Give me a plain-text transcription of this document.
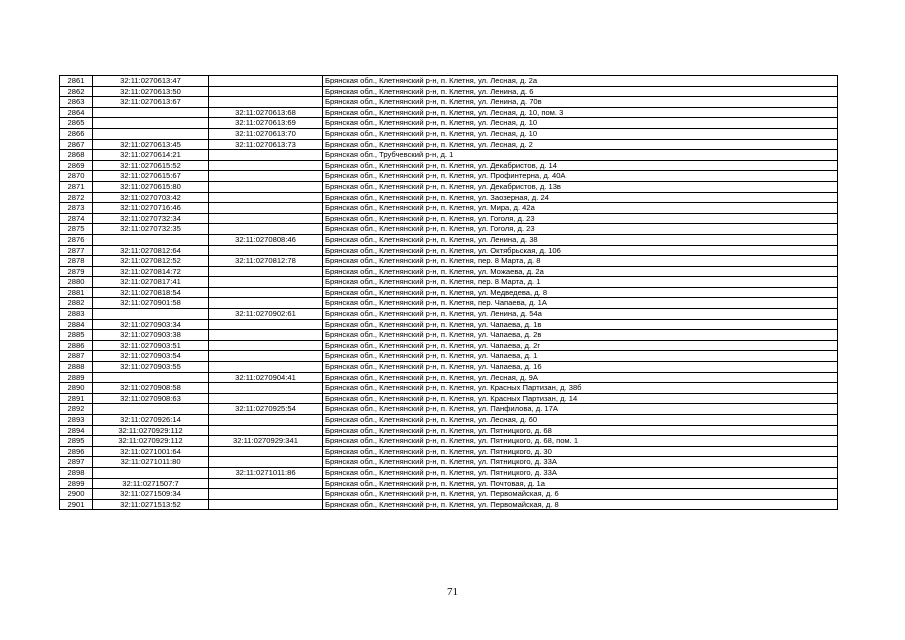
2861	32:11:0270613:47		Брянская обл., Клетнянский р-н, п. Клетня, ул. Лесная, д. 2а
2862	32:11:0270613:50		Брянская обл., Клетнянский р-н, п. Клетня, ул. Ленина, д. 6
2863	32:11:0270613:67		Брянская обл., Клетнянский р-н, п. Клетня, ул. Ленина, д. 70в
2864		32:11:0270613:68	Брянская обл., Клетнянский р-н, п. Клетня, ул. Лесная, д. 10, пом. 3
2865		32:11:0270613:69	Брянская обл., Клетнянский р-н, п. Клетня, ул. Лесная, д. 10
2866		32:11:0270613:70	Брянская обл., Клетнянский р-н, п. Клетня, ул. Лесная, д. 10
2867	32:11:0270613:45	32:11:0270613:73	Брянская обл., Клетнянский р-н, п. Клетня, ул. Лесная, д. 2
2868	32:11:0270614:21		Брянская обл., Трубчевский р-н, д. 1
2869	32:11:0270615:52		Брянская обл., Клетнянский р-н, п. Клетня, ул. Декабристов, д. 14
2870	32:11:0270615:67		Брянская обл., Клетнянский р-н, п. Клетня, ул. Профинтерна, д. 40А
2871	32:11:0270615:80		Брянская обл., Клетнянский р-н, п. Клетня, ул. Декабристов, д. 13в
2872	32:11:0270703:42		Брянская обл., Клетнянский р-н, п. Клетня, ул. Заозерная, д. 24
2873	32:11:0270716:46		Брянская обл., Клетнянский р-н, п. Клетня, ул. Мира, д. 42а
2874	32:11:0270732:34		Брянская обл., Клетнянский р-н, п. Клетня, ул. Гоголя, д. 23
2875	32:11:0270732:35		Брянская обл., Клетнянский р-н, п. Клетня, ул. Гоголя, д. 23
2876		32:11:0270808:46	Брянская обл., Клетнянский р-н, п. Клетня, ул. Ленина, д. 38
2877	32:11:0270812:64		Брянская обл., Клетнянский р-н, п. Клетня, ул. Октябрьская, д. 106
2878	32:11:0270812:52	32:11:0270812:78	Брянская обл., Клетнянский р-н, п. Клетня, пер. 8 Марта, д. 8
2879	32:11:0270814:72		Брянская обл., Клетнянский р-н, п. Клетня, ул. Можаева, д. 2а
2880	32:11:0270817:41		Брянская обл., Клетнянский р-н, п. Клетня, пер. 8 Марта, д. 1
2881	32:11:0270818:54		Брянская обл., Клетнянский р-н, п. Клетня, ул. Медведева, д. 8
2882	32:11:0270901:58		Брянская обл., Клетнянский р-н, п. Клетня, пер. Чапаева, д. 1А
2883		32:11:0270902:61	Брянская обл., Клетнянский р-н, п. Клетня, ул. Ленина, д. 54а
2884	32:11:0270903:34		Брянская обл., Клетнянский р-н, п. Клетня, ул. Чапаева, д. 1в
2885	32:11:0270903:38		Брянская обл., Клетнянский р-н, п. Клетня, ул. Чапаева, д. 2в
2886	32:11:0270903:51		Брянская обл., Клетнянский р-н, п. Клетня, ул. Чапаева, д. 2г
2887	32:11:0270903:54		Брянская обл., Клетнянский р-н, п. Клетня, ул. Чапаева, д. 1
2888	32:11:0270903:55		Брянская обл., Клетнянский р-н, п. Клетня, ул. Чапаева, д. 16
2889		32:11:0270904:41	Брянская обл., Клетнянский р-н, п. Клетня, ул. Лесная, д. 9А
2890	32:11:0270908:58		Брянская обл., Клетнянский р-н, п. Клетня, ул. Красных Партизан, д. 38б
2891	32:11:0270908:63		Брянская обл., Клетнянский р-н, п. Клетня, ул. Красных Партизан, д. 14
2892		32:11:0270925:54	Брянская обл., Клетнянский р-н, п. Клетня, ул. Панфилова, д. 17А
2893	32:11:0270926:14		Брянская обл., Клетнянский р-н, п. Клетня, ул. Лесная, д. 60
2894	32:11:0270929:112		Брянская обл., Клетнянский р-н, п. Клетня, ул. Пятницкого, д. 68
2895	32:11:0270929:112	32:11:0270929:341	Брянская обл., Клетнянский р-н, п. Клетня, ул. Пятницкого, д. 68, пом. 1
2896	32:11:0271001:64		Брянская обл., Клетнянский р-н, п. Клетня, ул. Пятницкого, д. 30
2897	32:11:0271011:80		Брянская обл., Клетнянский р-н, п. Клетня, ул. Пятницкого, д. 33А
2898		32:11:0271011:86	Брянская обл., Клетнянский р-н, п. Клетня, ул. Пятницкого, д. 33А
2899	32:11:0271507:7		Брянская обл., Клетнянский р-н, п. Клетня, ул. Почтовая, д. 1а
2900	32:11:0271509:34		Брянская обл., Клетнянский р-н, п. Клетня, ул. Первомайская, д. 6
2901	32:11:0271513:52		Брянская обл., Клетнянский р-н, п. Клетня, ул. Первомайская, д. 8
71
